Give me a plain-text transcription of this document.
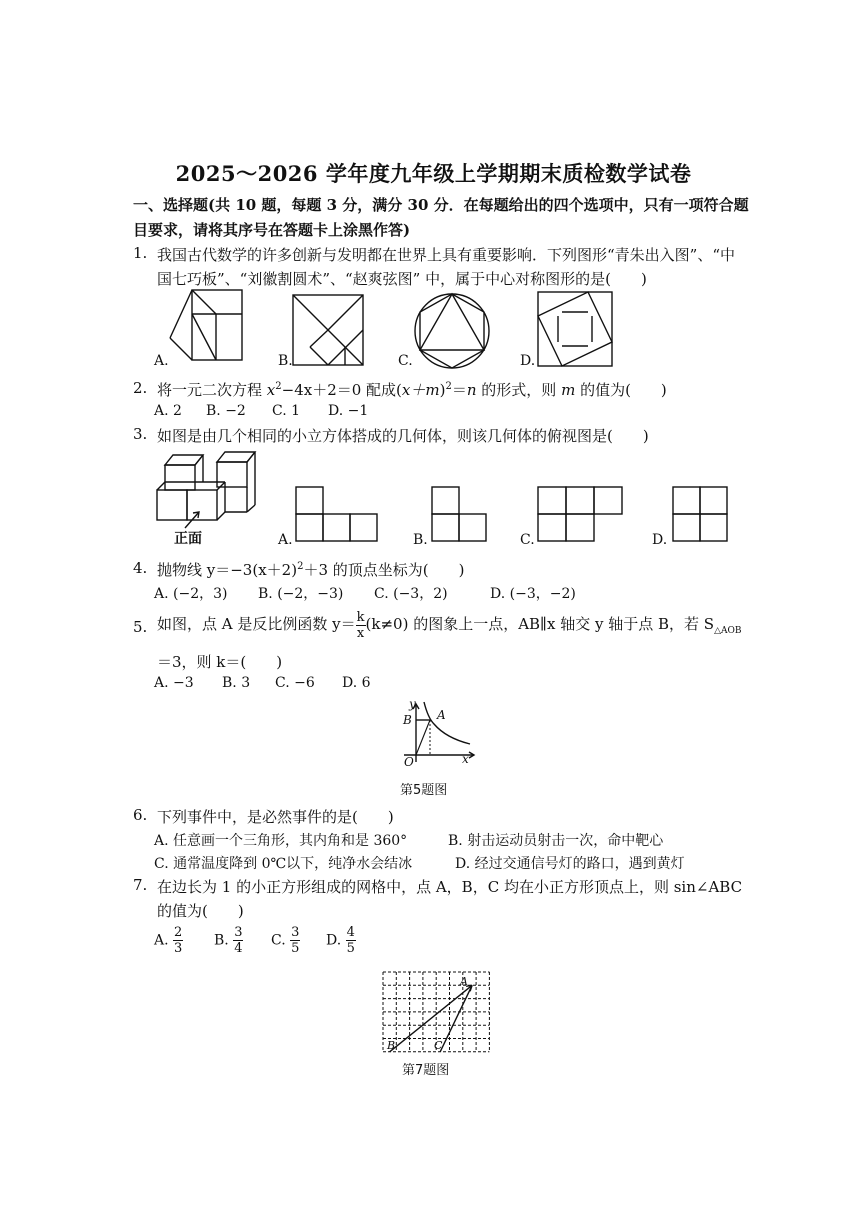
2025～2026 学年度九年级上学期期末质检数学试卷
一、选择题(共 10 题，每题 3 分，满分 30 分．在每题给出的四个选项中，只有一项符合题
目要求，请将其序号在答题卡上涂黑作答)
1. 我国古代数学的许多创新与发明都在世界上具有重要影响．下列图形“青朱出入图”、“中
国七巧板”、“刘徽割圆术”、“赵爽弦图” 中，属于中心对称图形的是(　　)
A.	B.	C.	D.
2. 将一元二次方程 $x^2-4x+2=0$ 配成$(x+m)^2=n$ 的形式，则 m 的值为(　　)
A. 2 B. −2 C. 1 D. −1
3. 如图是由几个相同的小立方体搭成的几何体，则该几何体的俯视图是(　　)
正面	A.	B.	C.	D.
4. 抛物线 $y=-3(x+2)^2+3$ 的顶点坐标为(　　)
A. (−2，3) B. (−2，−3) C. (−3，2)	D. (−3，−2)
5. 如图，点 A 是反比例函数 $y= \frac{k}{x} (k\ne 0)$ 的图象上一点，AB∥x 轴交 y 轴于点 B，若 $S_{\triangle AOB}$
＝3，则 k＝(　　)
A. −3 B. 3 C. −6 D. 6
y
B A
O	x
第5题图
6. 下列事件中，是必然事件的是(　　)
A. 任意画一个三角形，其内角和是 360°	B. 射击运动员射击一次，命中靶心
C. 通常温度降到 0℃以下，纯净水会结冰	D. 经过交通信号灯的路口，遇到黄灯
7. 在边长为 1 的小正方形组成的网格中，点 A，B，C 均在小正方形顶点上，则 sin∠ABC
的值为(　　)
A. $\frac{2}{3} B$. $\frac{3}{4} C$. $\frac{3}{5} D$. $\frac{4}{5}$
A
B	C
第7题图
